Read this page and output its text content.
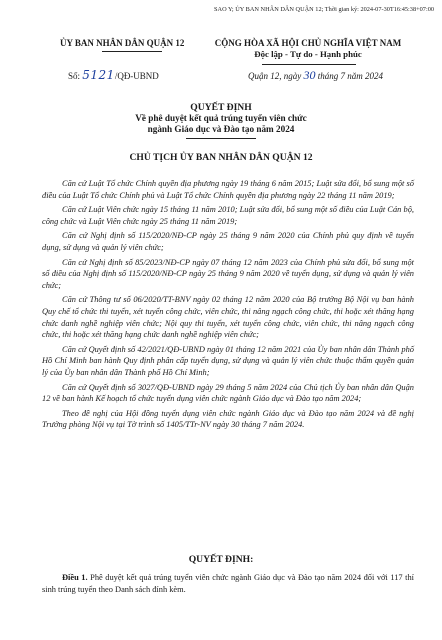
SAO Y; ỦY BAN NHÂN DÂN QUẬN 12; Thời gian ký: 2024-07-30T16:45:38+07:00
ỦY BAN NHÂN DÂN QUẬN 12	CỘNG HÒA XÃ HỘI CHỦ NGHĨA VIỆT NAM
Độc lập - Tự do - Hạnh phúc
Số: 5121/QĐ-UBND	Quận 12, ngày 30 tháng 7 năm 2024
QUYẾT ĐỊNH
Về phê duyệt kết quả trúng tuyển viên chức
ngành Giáo dục và Đào tạo năm 2024
CHỦ TỊCH ỦY BAN NHÂN DÂN QUẬN 12

Căn cứ Luật Tổ chức Chính quyền địa phương ngày 19 tháng 6 năm 2015; Luật sửa đổi, bổ sung một số điều của Luật Tổ chức Chính phủ và Luật Tổ chức Chính quyền địa phương ngày 22 tháng 11 năm 2019;

Căn cứ Luật Viên chức ngày 15 tháng 11 năm 2010; Luật sửa đổi, bổ sung một số điều của Luật Cán bộ, công chức và Luật Viên chức ngày 25 tháng 11 năm 2019;

Căn cứ Nghị định số 115/2020/NĐ-CP ngày 25 tháng 9 năm 2020 của Chính phủ quy định về tuyển dụng, sử dụng và quản lý viên chức;

Căn cứ Nghị định số 85/2023/NĐ-CP ngày 07 tháng 12 năm 2023 của Chính phủ sửa đổi, bổ sung một số điều của Nghị định số 115/2020/NĐ-CP ngày 25 tháng 9 năm 2020 về tuyển dụng, sử dụng và quản lý viên chức;

Căn cứ Thông tư số 06/2020/TT-BNV ngày 02 tháng 12 năm 2020 của Bộ trưởng Bộ Nội vụ ban hành Quy chế tổ chức thi tuyển, xét tuyển công chức, viên chức, thi nâng ngạch công chức, thi hoặc xét thăng hạng chức danh nghề nghiệp viên chức; Nội quy thi tuyển, xét tuyển công chức, viên chức, thi nâng ngạch công chức, thi hoặc xét thăng hạng chức danh nghề nghiệp viên chức;

Căn cứ Quyết định số 42/2021/QĐ-UBND ngày 01 tháng 12 năm 2021 của Ủy ban nhân dân Thành phố Hồ Chí Minh ban hành Quy định phân cấp tuyển dụng, sử dụng và quản lý viên chức thuộc thẩm quyền quản lý của Ủy ban nhân dân Thành phố Hồ Chí Minh;

Căn cứ Quyết định số 3027/QĐ-UBND ngày 29 tháng 5 năm 2024 của Chủ tịch Ủy ban nhân dân Quận 12 về ban hành Kế hoạch tổ chức tuyển dụng viên chức ngành Giáo dục và Đào tạo năm 2024;

Theo đề nghị của Hội đồng tuyển dụng viên chức ngành Giáo dục và Đào tạo năm 2024 và đề nghị Trưởng phòng Nội vụ tại Tờ trình số 1405/TTr-NV ngày 30 tháng 7 năm 2024.

QUYẾT ĐỊNH:

Điều 1. Phê duyệt kết quả trúng tuyển viên chức ngành Giáo dục và Đào tạo năm 2024 đối với 117 thí sinh trúng tuyển theo Danh sách đính kèm.
